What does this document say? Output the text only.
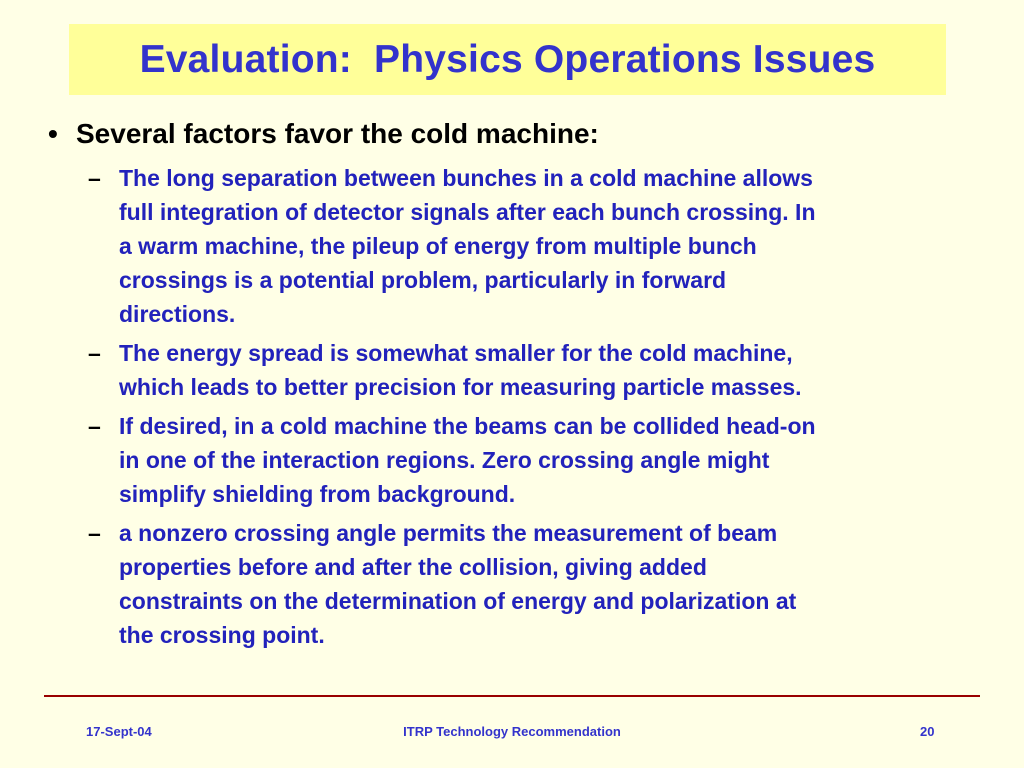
Evaluation:  Physics Operations Issues
• Several factors favor the cold machine:
– The long separation between bunches in a cold machine allows
full integration of detector signals after each bunch crossing. In
a warm machine, the pileup of energy from multiple bunch
crossings is a potential problem, particularly in forward
directions.
– The energy spread is somewhat smaller for the cold machine,
which leads to better precision for measuring particle masses.
– If desired, in a cold machine the beams can be collided head-on
in one of the interaction regions. Zero crossing angle might
simplify shielding from background.
– a nonzero crossing angle permits the measurement of beam
properties before and after the collision, giving added
constraints on the determination of energy and polarization at
the crossing point.
17-Sept-04	ITRP Technology Recommendation	20
